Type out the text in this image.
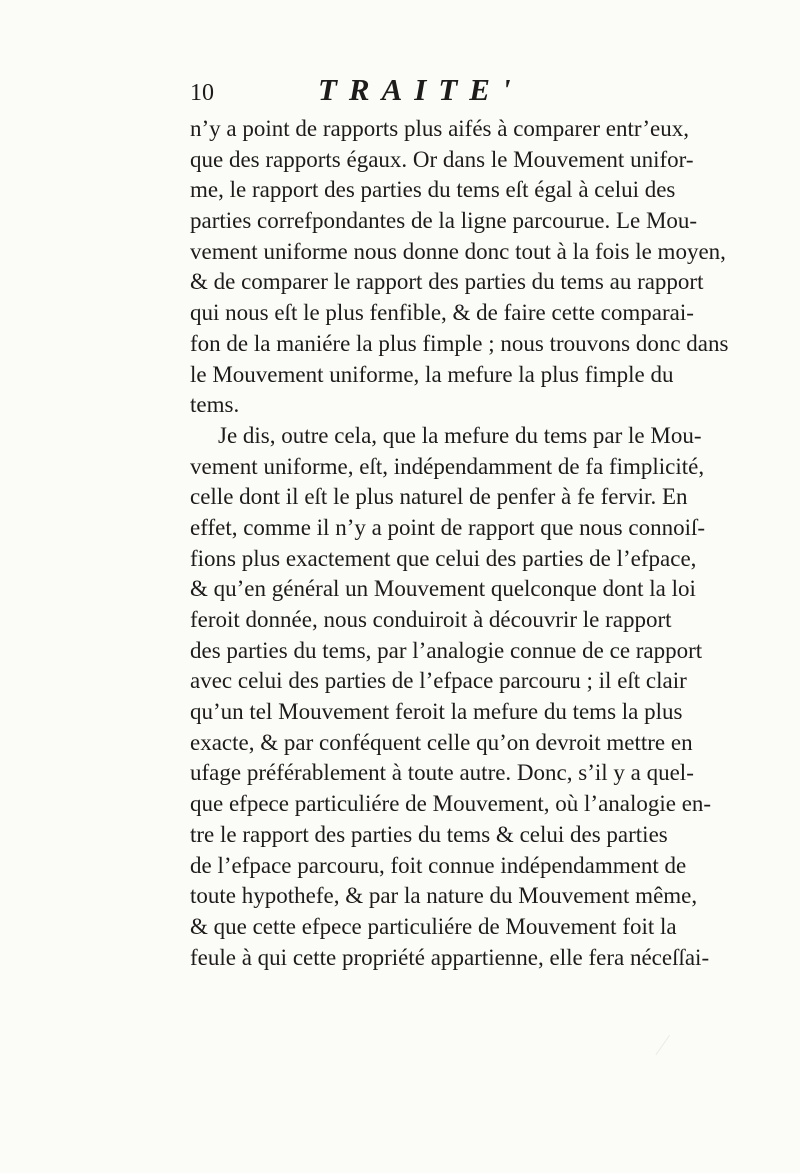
10	TRAITE'
n’y a point de rapports plus aifés à comparer entr’eux,
que des rapports égaux. Or dans le Mouvement unifor-
me, le rapport des parties du tems eſt égal à celui des
parties correfpondantes de la ligne parcourue. Le Mou-
vement uniforme nous donne donc tout à la fois le moyen,
& de comparer le rapport des parties du tems au rapport
qui nous eſt le plus fenfible, & de faire cette comparai-
fon de la maniére la plus fimple ; nous trouvons donc dans
le Mouvement uniforme, la mefure la plus fimple du
tems.
Je dis, outre cela, que la mefure du tems par le Mou-
vement uniforme, eſt, indépendamment de fa fimplicité,
celle dont il eſt le plus naturel de penfer à fe fervir. En
effet, comme il n’y a point de rapport que nous connoiſ-
fions plus exactement que celui des parties de l’efpace,
& qu’en général un Mouvement quelconque dont la loi
feroit donnée, nous conduiroit à découvrir le rapport
des parties du tems, par l’analogie connue de ce rapport
avec celui des parties de l’efpace parcouru ; il eſt clair
qu’un tel Mouvement feroit la mefure du tems la plus
exacte, & par conféquent celle qu’on devroit mettre en
ufage préférablement à toute autre. Donc, s’il y a quel-
que efpece particuliére de Mouvement, où l’analogie en-
tre le rapport des parties du tems & celui des parties
de l’efpace parcouru, foit connue indépendamment de
toute hypothefe, & par la nature du Mouvement même,
& que cette efpece particuliére de Mouvement foit la
feule à qui cette propriété appartienne, elle fera néceſſai-
